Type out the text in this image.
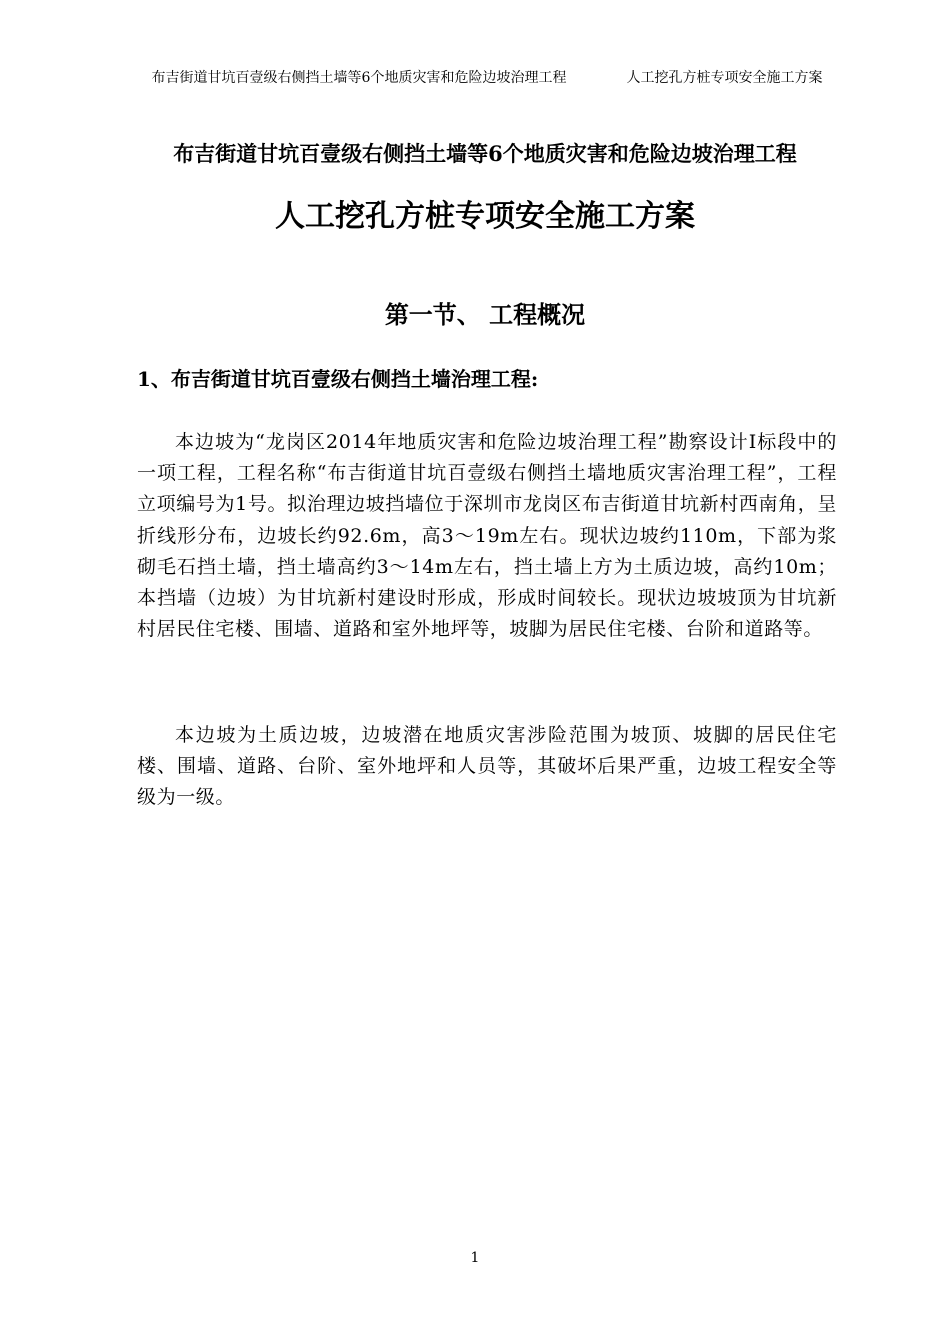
布吉街道甘坑百壹级右侧挡土墙等6个地质灾害和危险边坡治理工程	人工挖孔方桩专项安全施工方案
布吉街道甘坑百壹级右侧挡土墙等6个地质灾害和危险边坡治理工程
人工挖孔方桩专项安全施工方案
第一节、 工程概况
1、布吉街道甘坑百壹级右侧挡土墙治理工程:

本边坡为“龙岗区2014年地质灾害和危险边坡治理工程”勘察设计Ⅰ标段中的一项工程，工程名称“布吉街道甘坑百壹级右侧挡土墙地质灾害治理工程”，工程立项编号为1号。拟治理边坡挡墙位于深圳市龙岗区布吉街道甘坑新村西南角，呈折线形分布，边坡长约92.6m，高3～19m左右。现状边坡约110m，下部为浆砌毛石挡土墙，挡土墙高约3～14m左右，挡土墙上方为土质边坡，高约10m；本挡墙（边坡）为甘坑新村建设时形成，形成时间较长。现状边坡坡顶为甘坑新村居民住宅楼、围墙、道路和室外地坪等，坡脚为居民住宅楼、台阶和道路等。

本边坡为土质边坡，边坡潜在地质灾害涉险范围为坡顶、坡脚的居民住宅楼、围墙、道路、台阶、室外地坪和人员等，其破坏后果严重，边坡工程安全等级为一级。

1
